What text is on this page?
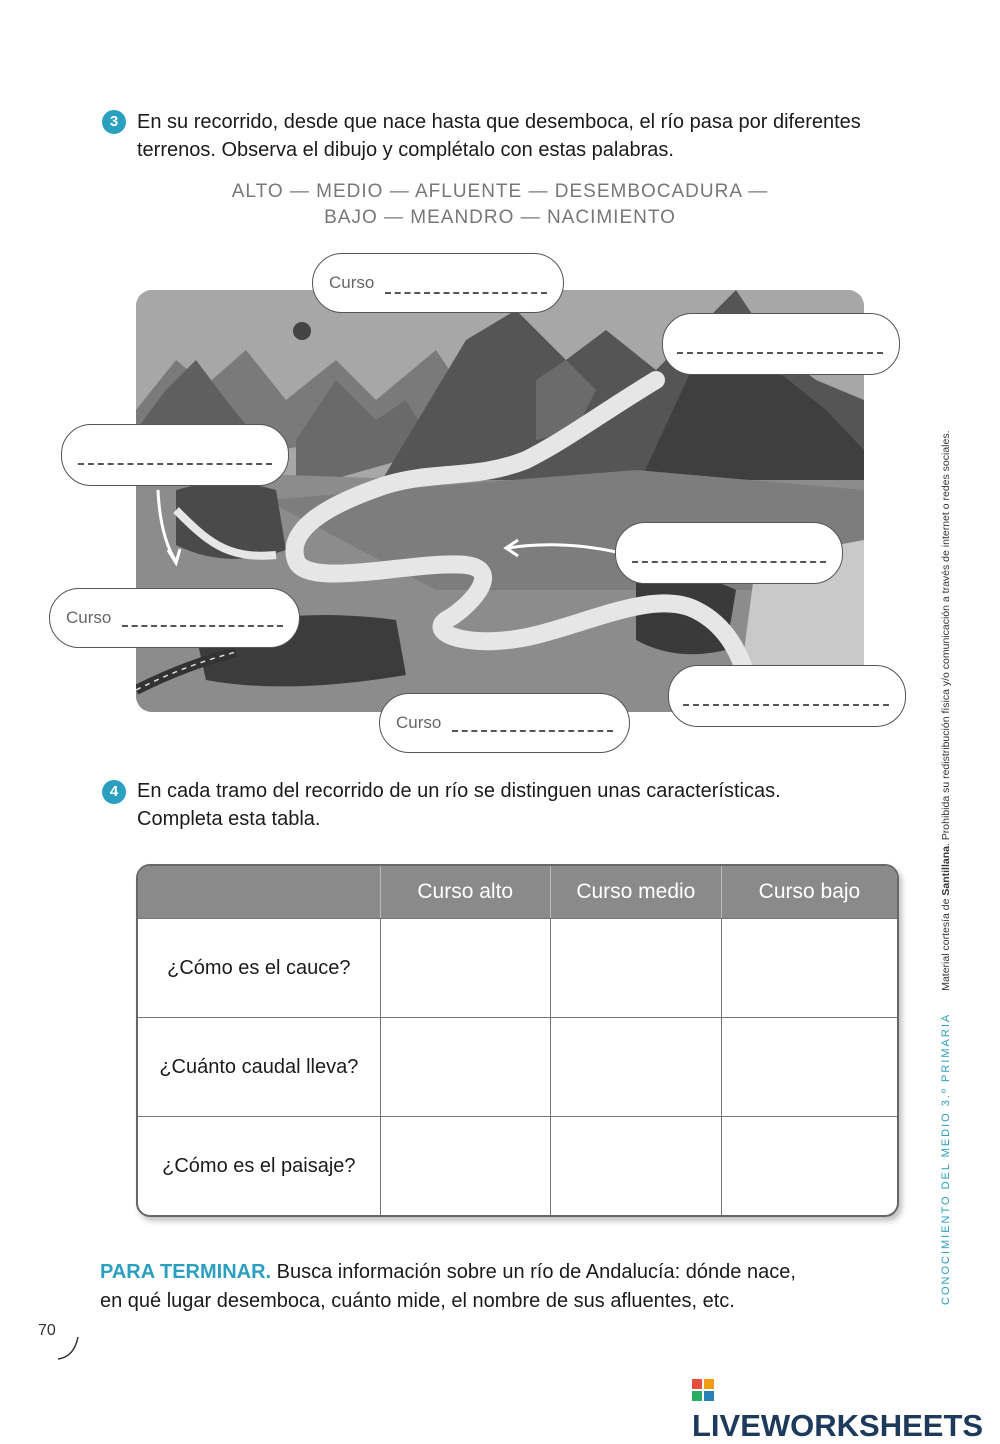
3 En su recorrido, desde que nace hasta que desemboca, el río pasa por diferentes
terrenos. Observa el dibujo y complétalo con estas palabras.
ALTO — MEDIO — AFLUENTE — DESEMBOCADURA —
BAJO — MEANDRO — NACIMIENTO
Curso
Curso
Curso
4 En cada tramo del recorrido de un río se distinguen unas características.
Completa esta tabla.
	Curso alto	Curso medio	Curso bajo
¿Cómo es el cauce?			
¿Cuánto caudal lleva?			
¿Cómo es el paisaje?			
PARA TERMINAR. Busca información sobre un río de Andalucía: dónde nace,
en qué lugar desemboca, cuánto mide, el nombre de sus afluentes, etc.	CONOCIMIENTO DEL MEDIO 3.º PRIMARIAMaterial cortesía de Santillana. Prohibida su redistribución física y/o comunicación a través de internet o redes sociales.
70
LIVEWORKSHEETS
